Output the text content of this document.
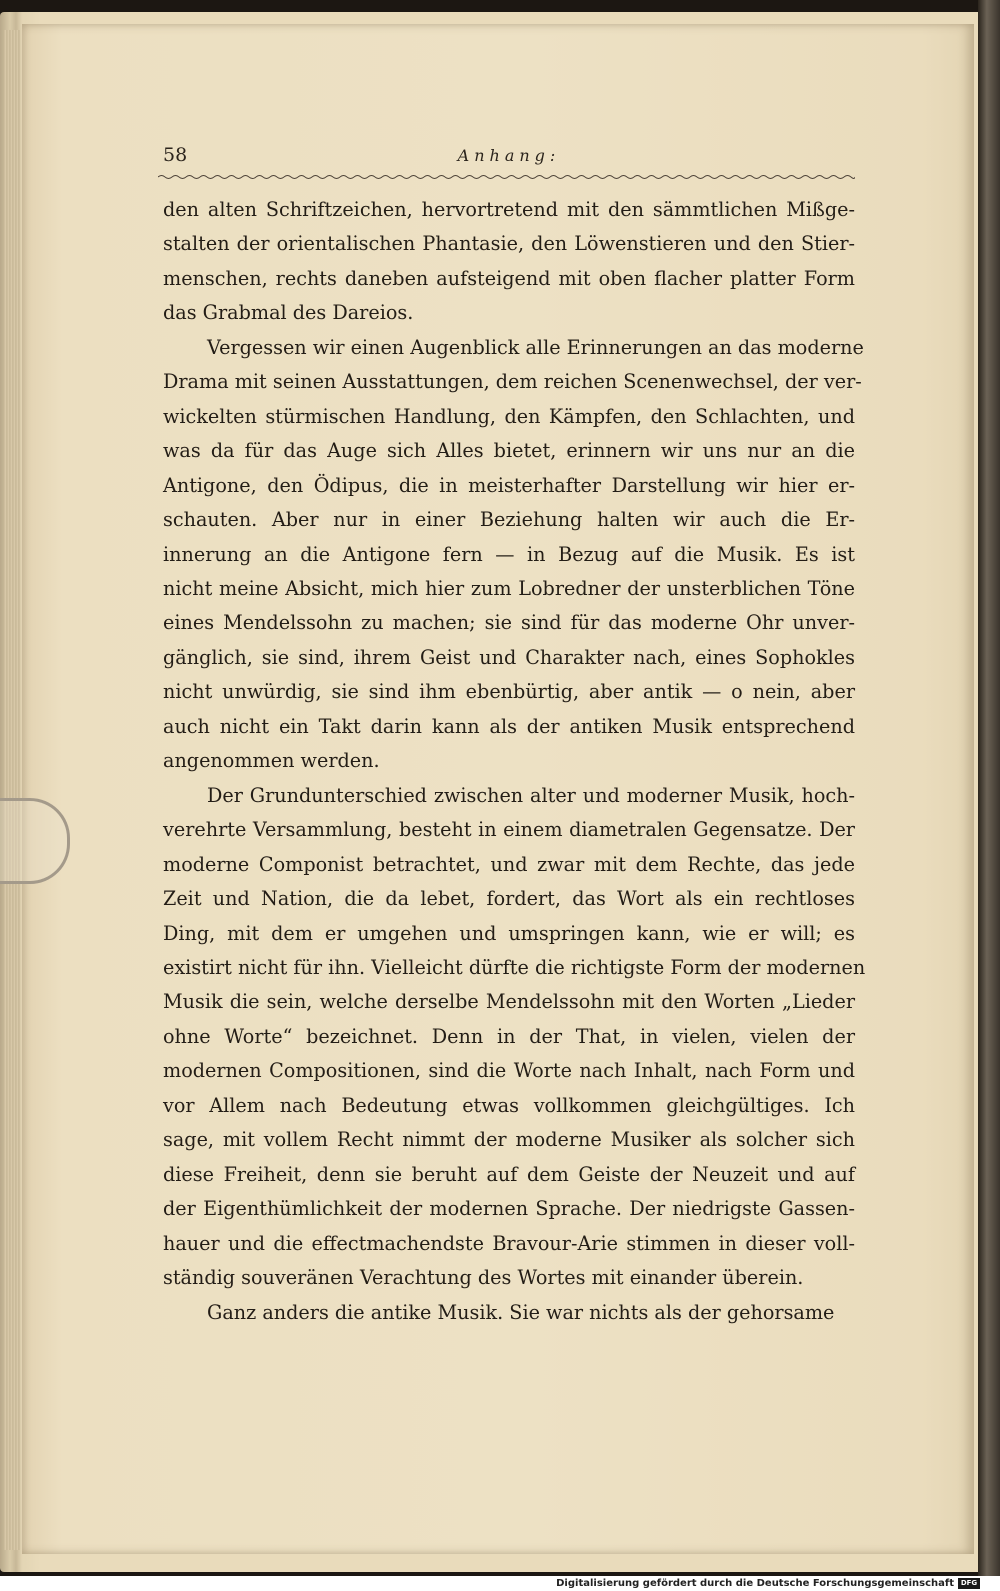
58	Anhang:
den alten Schriftzeichen, hervortretend mit den sämmtlichen Mißge-
stalten der orientalischen Phantasie, den Löwenstieren und den Stier-
menschen, rechts daneben aufsteigend mit oben flacher platter Form
das Grabmal des Dareios.
Vergessen wir einen Augenblick alle Erinnerungen an das moderne
Drama mit seinen Ausstattungen, dem reichen Scenenwechsel, der ver-
wickelten stürmischen Handlung, den Kämpfen, den Schlachten, und
was da für das Auge sich Alles bietet, erinnern wir uns nur an die
Antigone, den Ödipus, die in meisterhafter Darstellung wir hier er-
schauten. Aber nur in einer Beziehung halten wir auch die Er-
innerung an die Antigone fern — in Bezug auf die Musik. Es ist
nicht meine Absicht, mich hier zum Lobredner der unsterblichen Töne
eines Mendelssohn zu machen; sie sind für das moderne Ohr unver-
gänglich, sie sind, ihrem Geist und Charakter nach, eines Sophokles
nicht unwürdig, sie sind ihm ebenbürtig, aber antik — o nein, aber
auch nicht ein Takt darin kann als der antiken Musik entsprechend
angenommen werden.
Der Grundunterschied zwischen alter und moderner Musik, hoch-
verehrte Versammlung, besteht in einem diametralen Gegensatze. Der
moderne Componist betrachtet, und zwar mit dem Rechte, das jede
Zeit und Nation, die da lebet, fordert, das Wort als ein rechtloses
Ding, mit dem er umgehen und umspringen kann, wie er will; es
existirt nicht für ihn. Vielleicht dürfte die richtigste Form der modernen
Musik die sein, welche derselbe Mendelssohn mit den Worten „Lieder
ohne Worte“ bezeichnet. Denn in der That, in vielen, vielen der
modernen Compositionen, sind die Worte nach Inhalt, nach Form und
vor Allem nach Bedeutung etwas vollkommen gleichgültiges. Ich
sage, mit vollem Recht nimmt der moderne Musiker als solcher sich
diese Freiheit, denn sie beruht auf dem Geiste der Neuzeit und auf
der Eigenthümlichkeit der modernen Sprache. Der niedrigste Gassen-
hauer und die effectmachendste Bravour-Arie stimmen in dieser voll-
ständig souveränen Verachtung des Wortes mit einander überein.
Ganz anders die antike Musik. Sie war nichts als der gehorsame
Digitalisierung gefördert durch die Deutsche Forschungsgemeinschaft DFG
